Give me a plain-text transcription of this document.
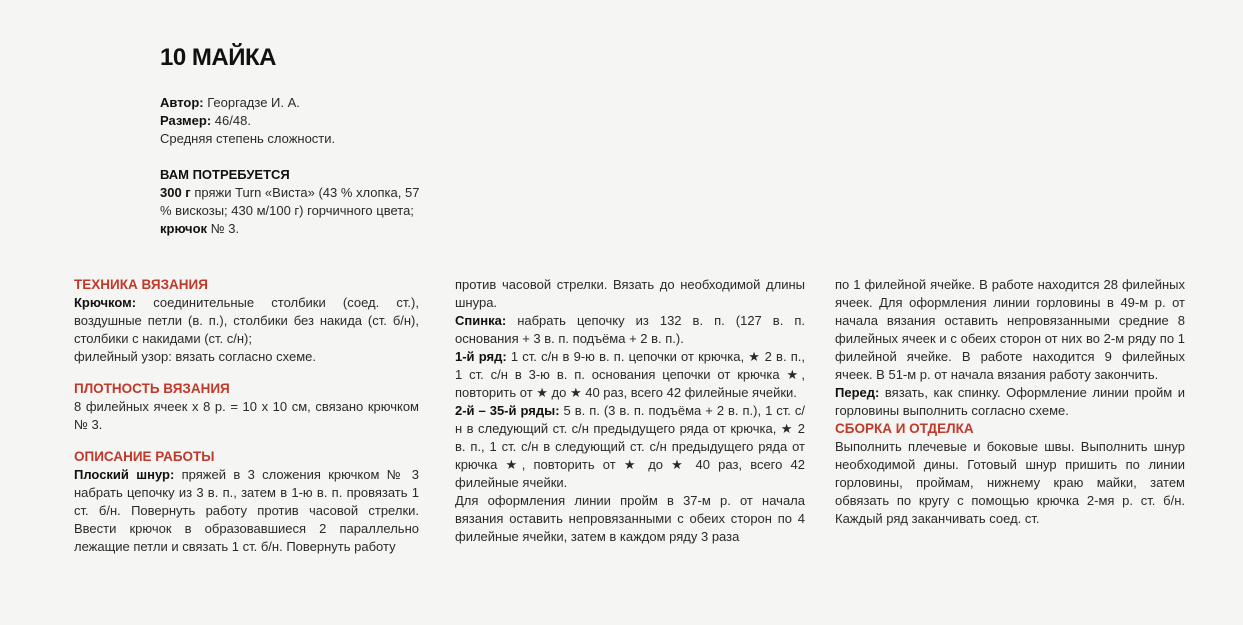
10 МАЙКА

Автор: Георгадзе И. А.

Размер: 46/48.

Средняя степень сложности.

ВАМ ПОТРЕБУЕТСЯ

300 г пряжи Turn «Виста» (43 % хлопка, 57 % вискозы; 430 м/100 г) горчичного цвета;

крючок № 3.

ТЕХНИКА ВЯЗАНИЯ

Крючком: соединительные столбики (соед. ст.), воздушные петли (в. п.), столбики без накида (ст. б/н), столбики с накидами (ст. с/н);

филейный узор: вязать согласно схеме.

ПЛОТНОСТЬ ВЯЗАНИЯ

8 филейных ячеек х 8 р. = 10 х 10 см, связано крючком № 3.

ОПИСАНИЕ РАБОТЫ

Плоский шнур: пряжей в 3 сложения крючком № 3 набрать цепочку из 3 в. п., затем в 1-ю в. п. провязать 1 ст. б/н. Повернуть работу против часовой стрелки. Ввести крючок в образовавшиеся 2 параллельно лежащие петли и связать 1 ст. б/н. Повернуть работу

против часовой стрелки. Вязать до необходимой длины шнура.

Спинка: набрать цепочку из 132 в. п. (127 в. п. основания + 3 в. п. подъёма + 2 в. п.).

1-й ряд: 1 ст. с/н в 9-ю в. п. цепочки от крючка, ★ 2 в. п., 1 ст. с/н в 3-ю в. п. основания цепочки от крючка ★, повторить от ★ до ★ 40 раз, всего 42 филейные ячейки.

2-й – 35-й ряды: 5 в. п. (3 в. п. подъёма + 2 в. п.), 1 ст. с/н в следующий ст. с/н предыдущего ряда от крючка, ★ 2 в. п., 1 ст. с/н в следующий ст. с/н предыдущего ряда от крючка ★, повторить от ★ до ★ 40 раз, всего 42 филейные ячейки.

Для оформления линии пройм в 37-м р. от начала вязания оставить непровязанными с обеих сторон по 4 филейные ячейки, затем в каждом ряду 3 раза

по 1 филейной ячейке. В работе находится 28 филейных ячеек. Для оформления линии горловины в 49-м р. от начала вязания оставить непровязанными средние 8 филейных ячеек и с обеих сторон от них во 2-м ряду по 1 филейной ячейке. В работе находится 9 филейных ячеек. В 51-м р. от начала вязания работу закончить.

Перед: вязать, как спинку. Оформление линии пройм и горловины выполнить согласно схеме.

СБОРКА И ОТДЕЛКА

Выполнить плечевые и боковые швы. Выполнить шнур необходимой дины. Готовый шнур пришить по линии горловины, проймам, нижнему краю майки, затем обвязать по кругу с помощью крючка 2-мя р. ст. б/н. Каждый ряд заканчивать соед. ст.
